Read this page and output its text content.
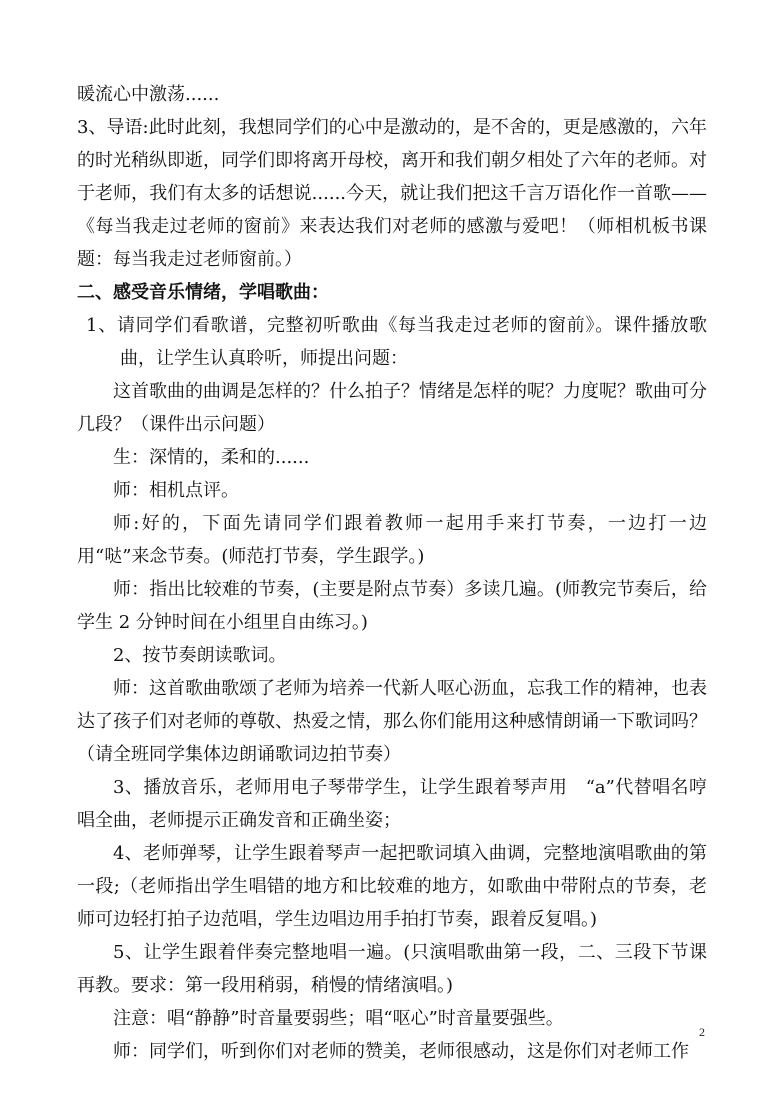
暖流心中激荡......

3、导语:此时此刻，我想同学们的心中是激动的，是不舍的，更是感激的，六年的时光稍纵即逝，同学们即将离开母校，离开和我们朝夕相处了六年的老师。对于老师，我们有太多的话想说......今天，就让我们把这千言万语化作一首歌——《每当我走过老师的窗前》来表达我们对老师的感激与爱吧！（师相机板书课题：每当我走过老师窗前。）

二、感受音乐情绪，学唱歌曲：

1、请同学们看歌谱，完整初听歌曲《每当我走过老师的窗前》。课件播放歌曲，让学生认真聆听，师提出问题：

这首歌曲的曲调是怎样的？什么拍子？情绪是怎样的呢？力度呢？歌曲可分几段？（课件出示问题）

生：深情的，柔和的......

师：相机点评。

师:好的，下面先请同学们跟着教师一起用手来打节奏，一边打一边用“哒”来念节奏。(师范打节奏，学生跟学。)

师：指出比较难的节奏，(主要是附点节奏）多读几遍。(师教完节奏后，给学生 2 分钟时间在小组里自由练习。)

2、按节奏朗读歌词。

师：这首歌曲歌颂了老师为培养一代新人呕心沥血，忘我工作的精神，也表达了孩子们对老师的尊敬、热爱之情，那么你们能用这种感情朗诵一下歌词吗？（请全班同学集体边朗诵歌词边拍节奏）

3、播放音乐，老师用电子琴带学生，让学生跟着琴声用　“a”代替唱名哼唱全曲，老师提示正确发音和正确坐姿；

4、老师弹琴，让学生跟着琴声一起把歌词填入曲调，完整地演唱歌曲的第一段;（老师指出学生唱错的地方和比较难的地方，如歌曲中带附点的节奏，老师可边轻打拍子边范唱，学生边唱边用手拍打节奏，跟着反复唱。)

5、让学生跟着伴奏完整地唱一遍。(只演唱歌曲第一段，二、三段下节课再教。要求：第一段用稍弱，稍慢的情绪演唱。)

注意：唱“静静”时音量要弱些；唱“呕心”时音量要强些。

师：同学们，听到你们对老师的赞美，老师很感动，这是你们对老师工作

2
